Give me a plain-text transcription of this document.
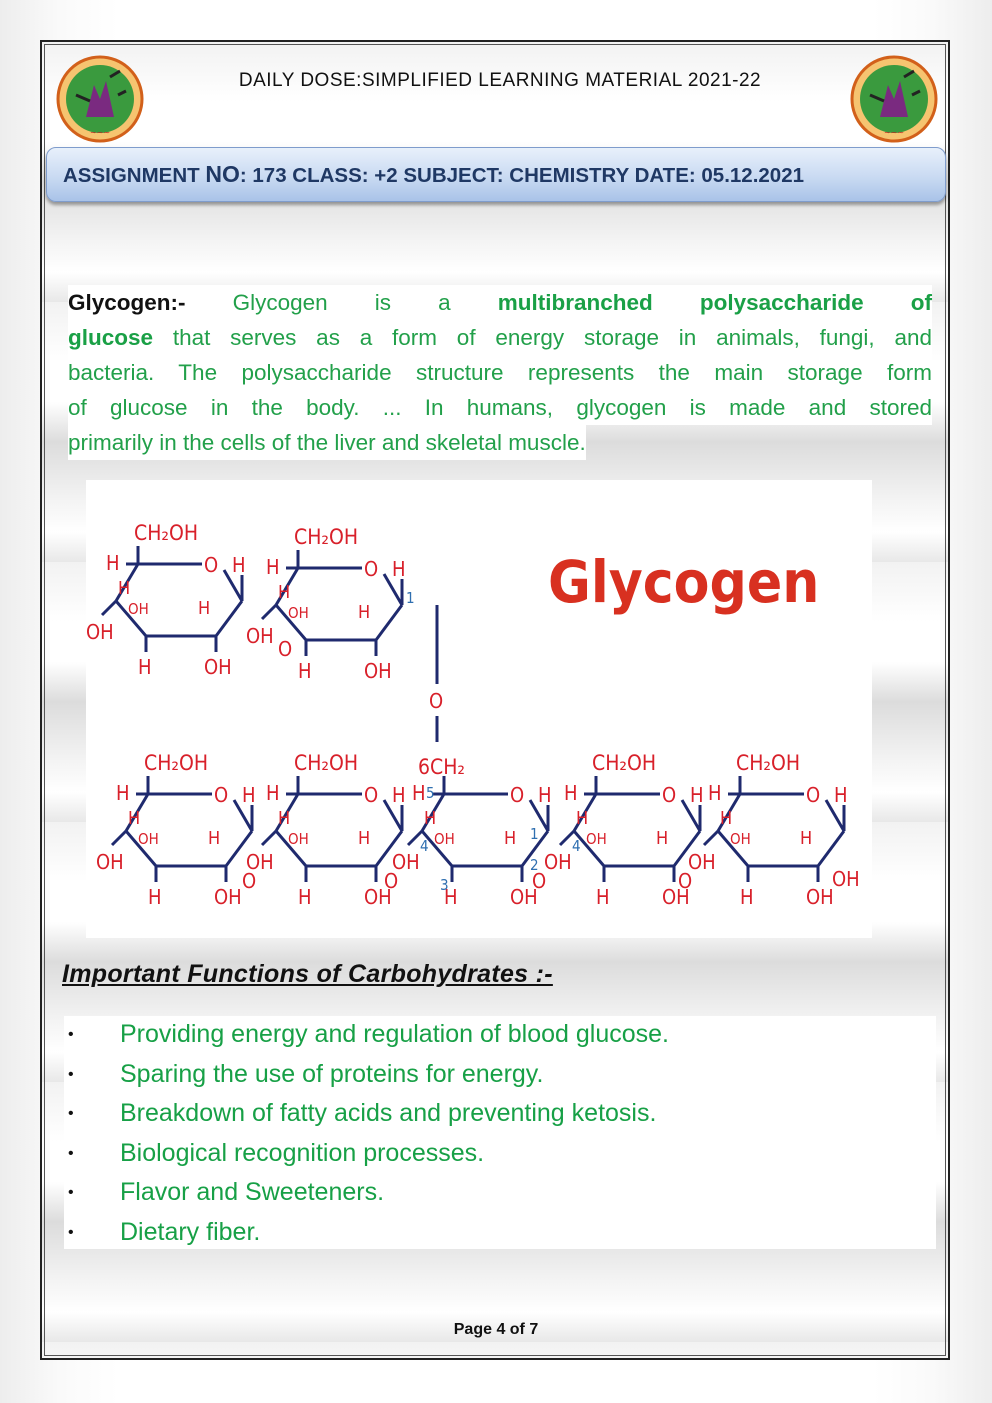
~~~	~~~
DAILY DOSE:SIMPLIFIED LEARNING MATERIAL 2021-22
ASSIGNMENT NO: 173 CLASS: +2 SUBJECT: CHEMISTRY DATE: 05.12.2021
Glycogen:- Glycogen is a multibranched polysaccharide of
glucose that serves as a form of energy storage in animals, fungi, and
bacteria. The polysaccharide structure represents the main storage form
of glucose in the body. ... In humans, glycogen is made and stored
primarily in the cells of the liver and skeletal muscle.
CH₂OH
H	O H
H
OH	H
OH
H	OH
CH₂OH
H	O H
H
OH	H
OH
H	OH
1
O
O
CH₂OH
H	O H
H
OH	H
OH
H	OH
CH₂OH
H	O H
H
OH	H
OH
H	OH
6CH₂
H	O H
H
OH	H
OH
H	OH
5
4
3
2
1
CH₂OH
H	O H
H
OH	H
OH
H	OH
4
CH₂OH
H	O H
H
OH	H
OH
H	OH
O	O	O	O	OH
Glycogen
Important Functions of Carbohydrates :-
• Providing energy and regulation of blood glucose.
• Sparing the use of proteins for energy.
• Breakdown of fatty acids and preventing ketosis.
• Biological recognition processes.
• Flavor and Sweeteners.
• Dietary fiber.
Page 4 of 7
